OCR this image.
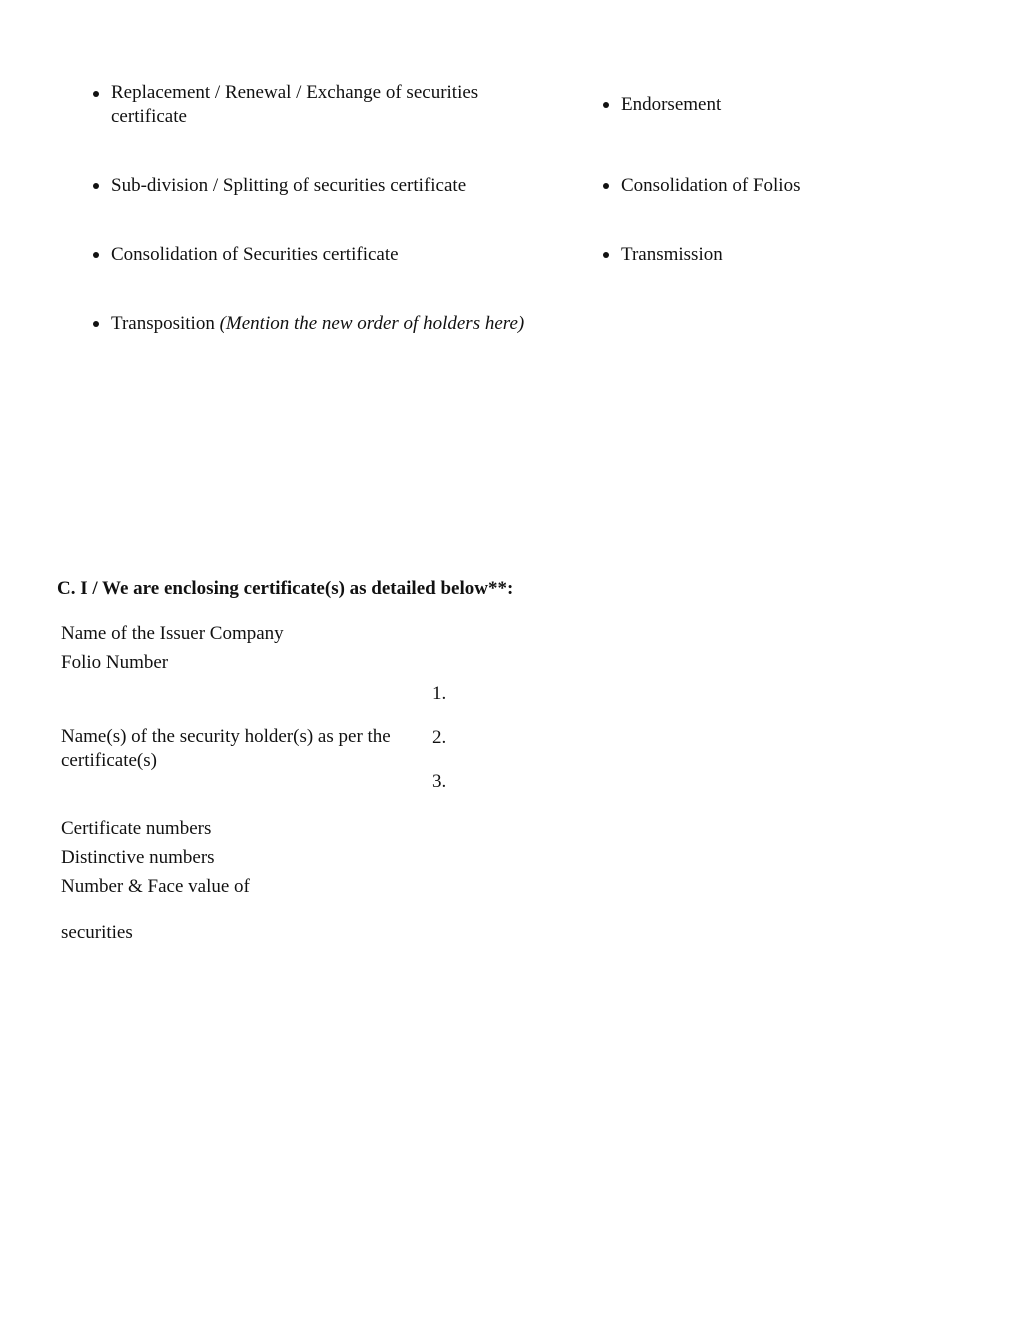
Replacement / Renewal / Exchange of securities certificate
Sub-division / Splitting of securities certificate
Consolidation of Securities certificate
Transposition (Mention the new order of holders here)
Endorsement
Consolidation of Folios
Transmission
C. I / We are enclosing certificate(s) as detailed below**:
Name of the Issuer Company
Folio Number
Name(s) of the security holder(s) as per the certificate(s)
1.
2.
3.
Certificate numbers
Distinctive numbers
Number & Face value of
securities
